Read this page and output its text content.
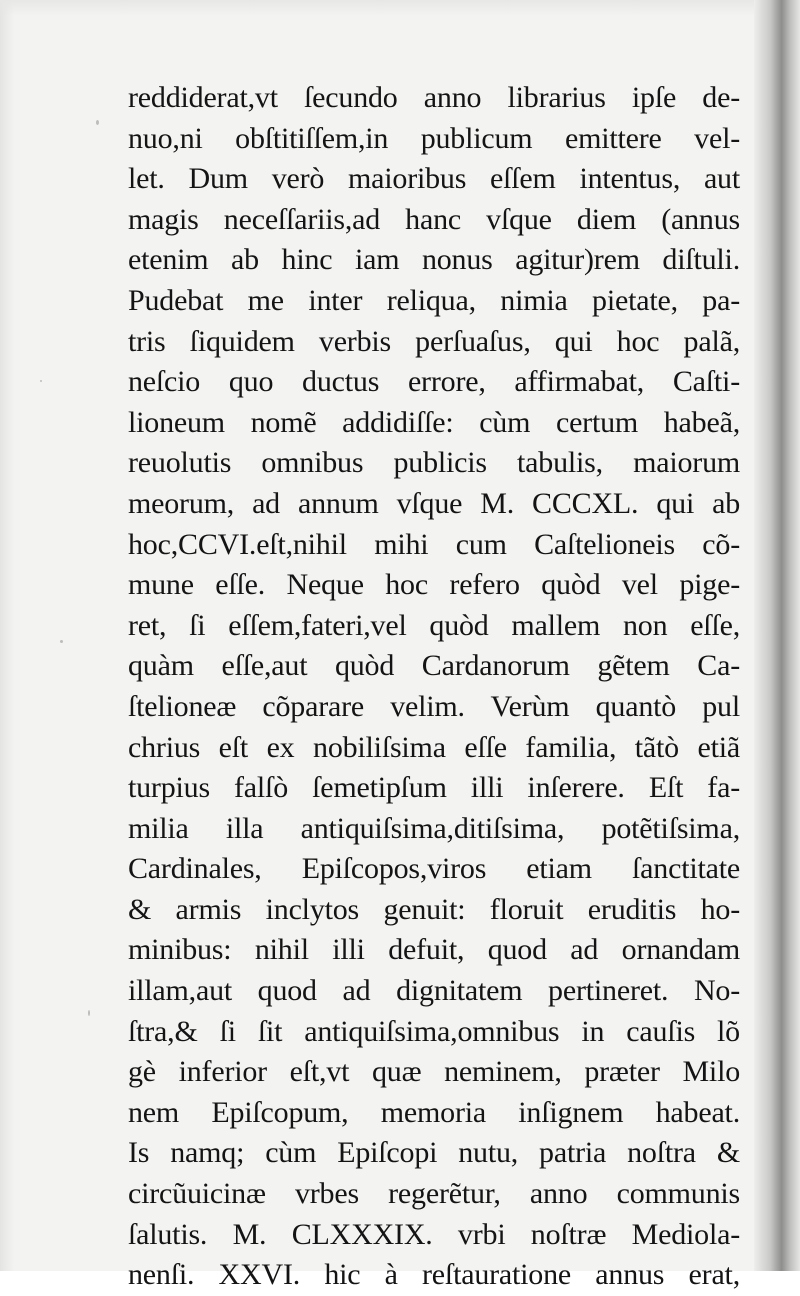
reddiderat,vt ſecundo anno librarius ipſe de-
nuo,ni obſtitiſſem,in publicum emittere vel-
let. Dum verò maioribus eſſem intentus, aut
magis neceſſariis,ad hanc vſque diem (annus
etenim ab hinc iam nonus agitur)rem diſtuli.
Pudebat me inter reliqua, nimia pietate, pa-
tris ſiquidem verbis perſuaſus, qui hoc palã,
neſcio quo ductus errore, affirmabat, Caſti-
lioneum nomẽ addidiſſe: cùm certum habeã,
reuolutis omnibus publicis tabulis, maiorum
meorum, ad annum vſque M. CCCXL. qui ab
hoc,CCVI.eſt,nihil mihi cum Caſtelioneis cõ-
mune eſſe. Neque hoc refero quòd vel pige-
ret, ſi eſſem,fateri,vel quòd mallem non eſſe,
quàm eſſe,aut quòd Cardanorum gẽtem Ca-
ſtelioneæ cõparare velim. Verùm quantò pul
chrius eſt ex nobiliſsima eſſe familia, tãtò etiã
turpius falſò ſemetipſum illi inſerere. Eſt fa-
milia illa antiquiſsima,ditiſsima, potẽtiſsima,
Cardinales, Epiſcopos,viros etiam ſanctitate
& armis inclytos genuit: floruit eruditis ho-
minibus: nihil illi defuit, quod ad ornandam
illam,aut quod ad dignitatem pertineret. No-
ſtra,& ſi ſit antiquiſsima,omnibus in cauſis lõ
gè inferior eſt,vt quæ neminem, præter Milo
nem Epiſcopum, memoria inſignem habeat.
Is namq; cùm Epiſcopi nutu, patria noſtra &
circũuicinæ vrbes regerẽtur, anno communis
ſalutis. M. CLXXXIX. vrbi noſtræ Mediola-
nenſi. XXVI. hic à reſtauratione annus erat,
